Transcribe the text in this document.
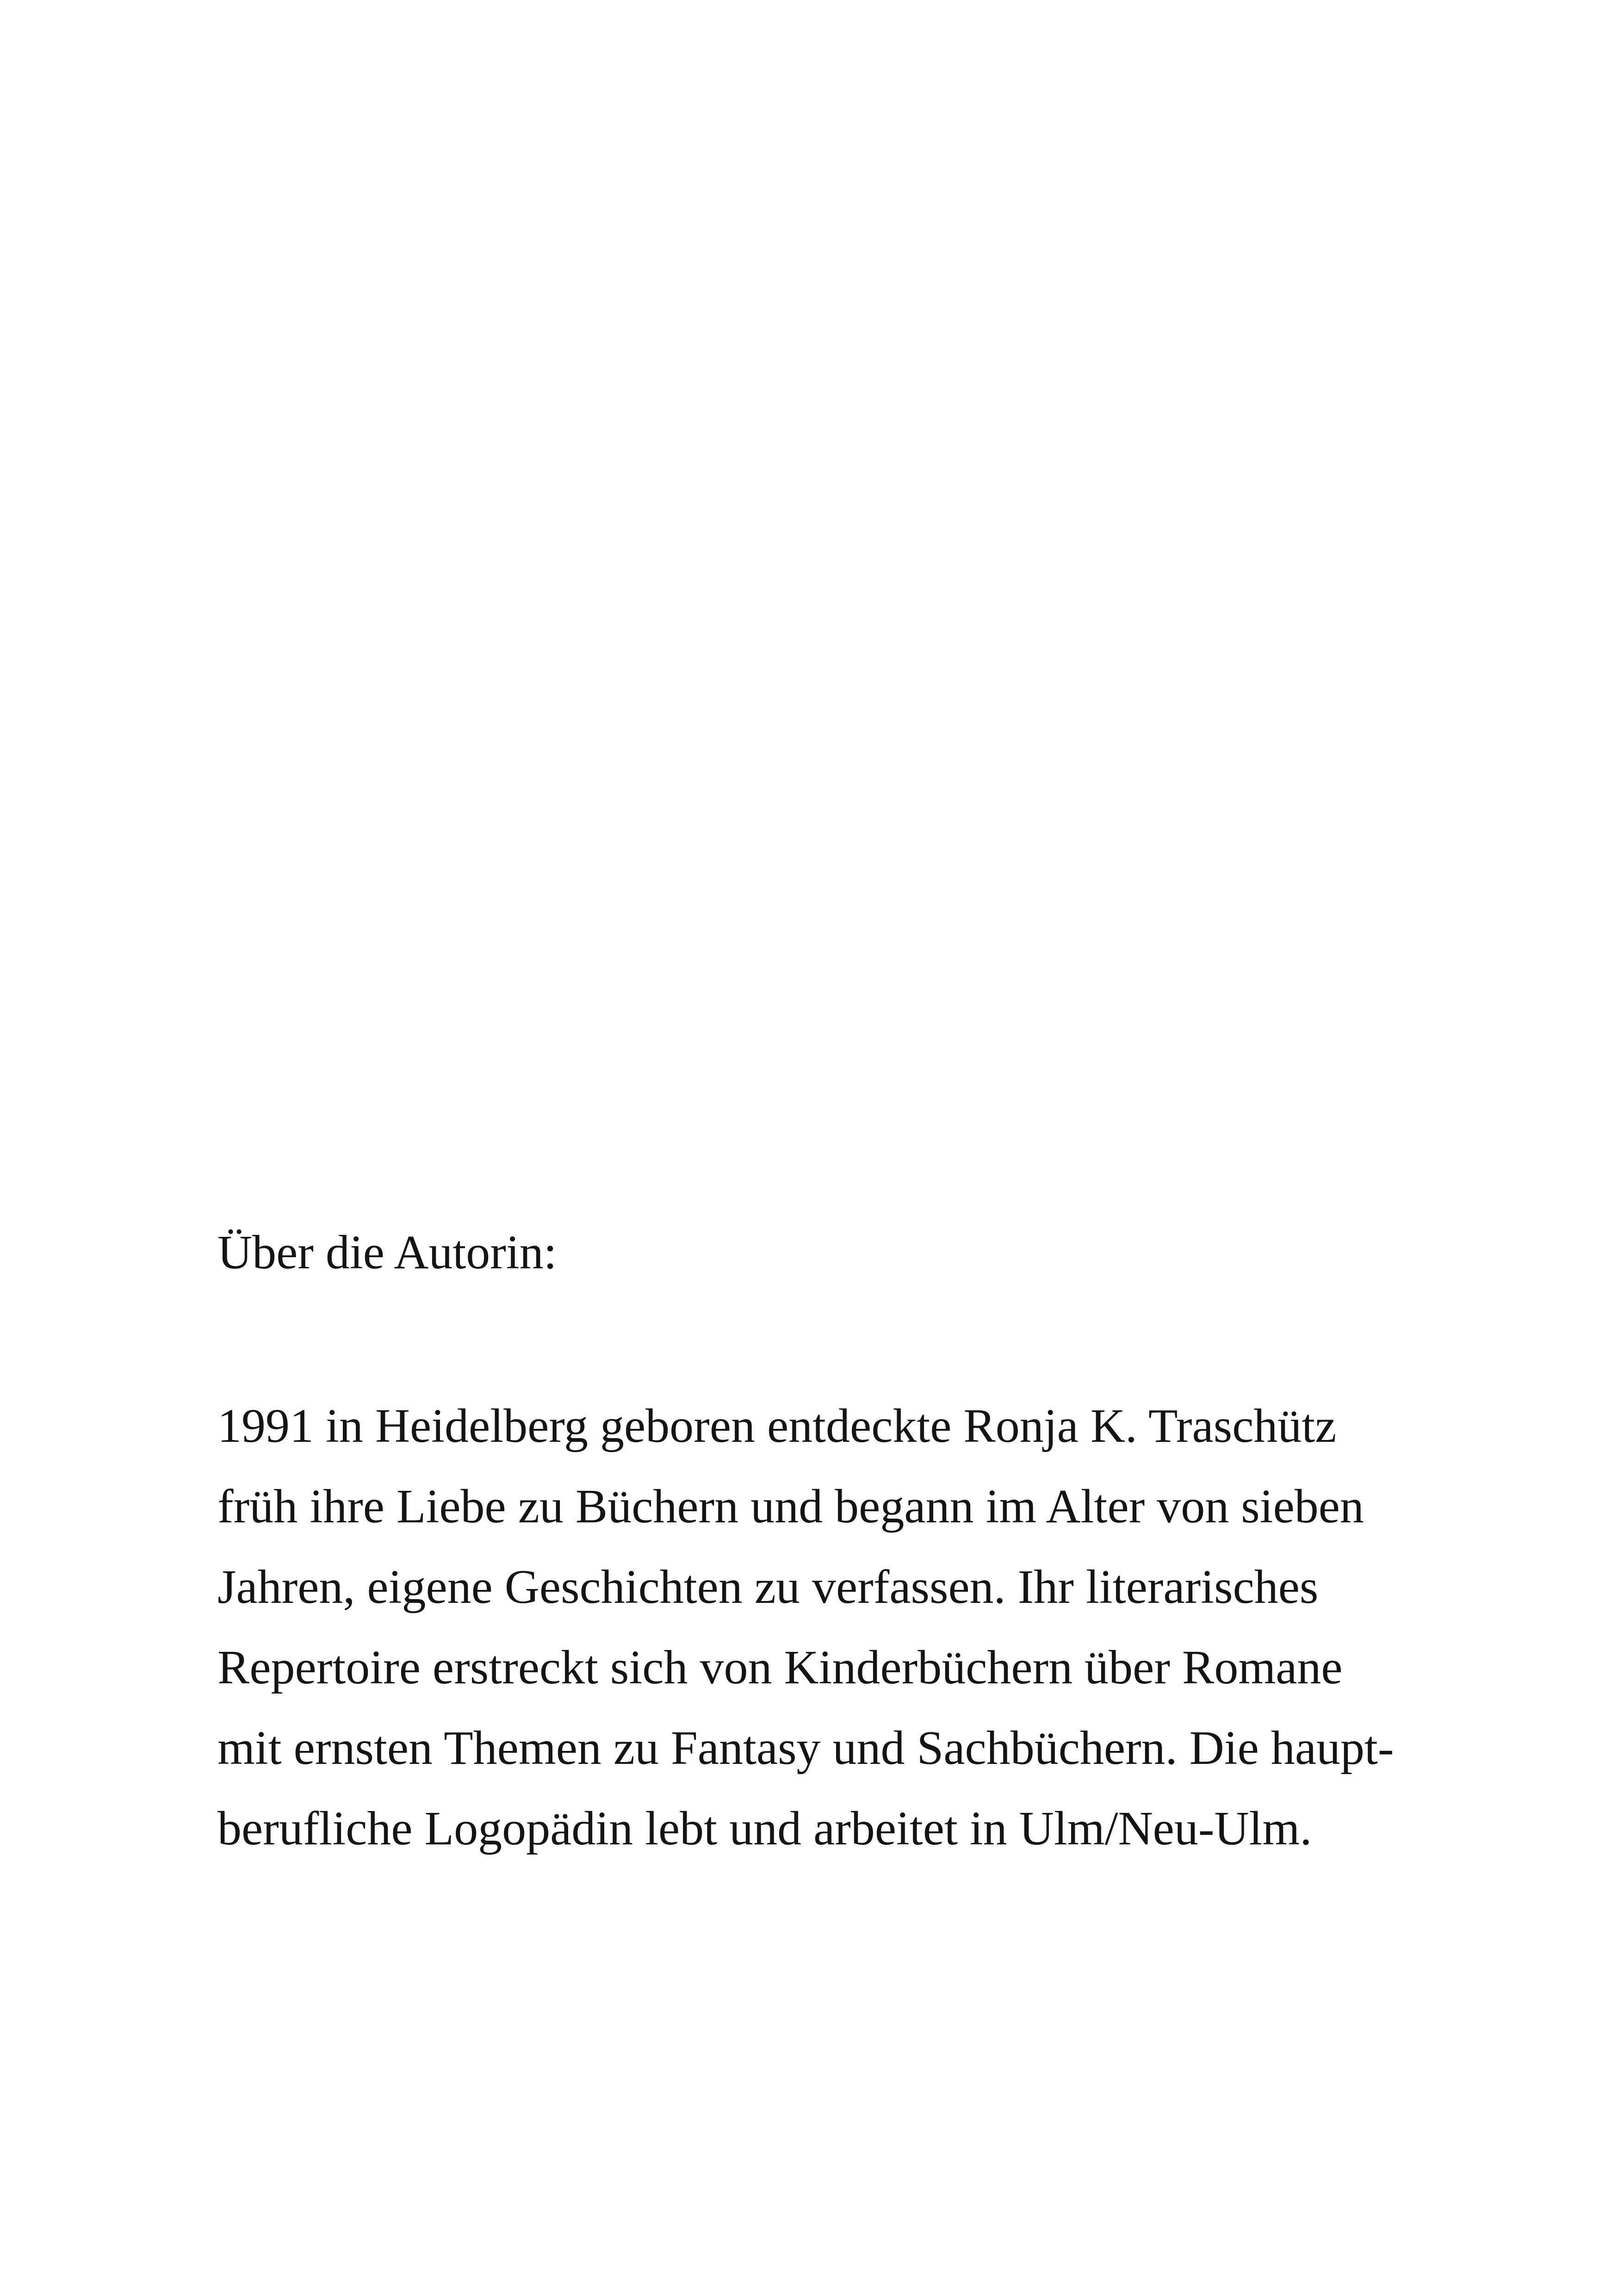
Über die Autorin:

1991 in Heidelberg geboren entdeckte Ronja K. Traschütz
früh ihre Liebe zu Büchern und begann im Alter von sieben
Jahren, eigene Geschichten zu verfassen. Ihr literarisches
Repertoire erstreckt sich von Kinderbüchern über Romane
mit ernsten Themen zu Fantasy und Sachbüchern. Die haupt-
berufliche Logopädin lebt und arbeitet in Ulm/Neu-Ulm.
